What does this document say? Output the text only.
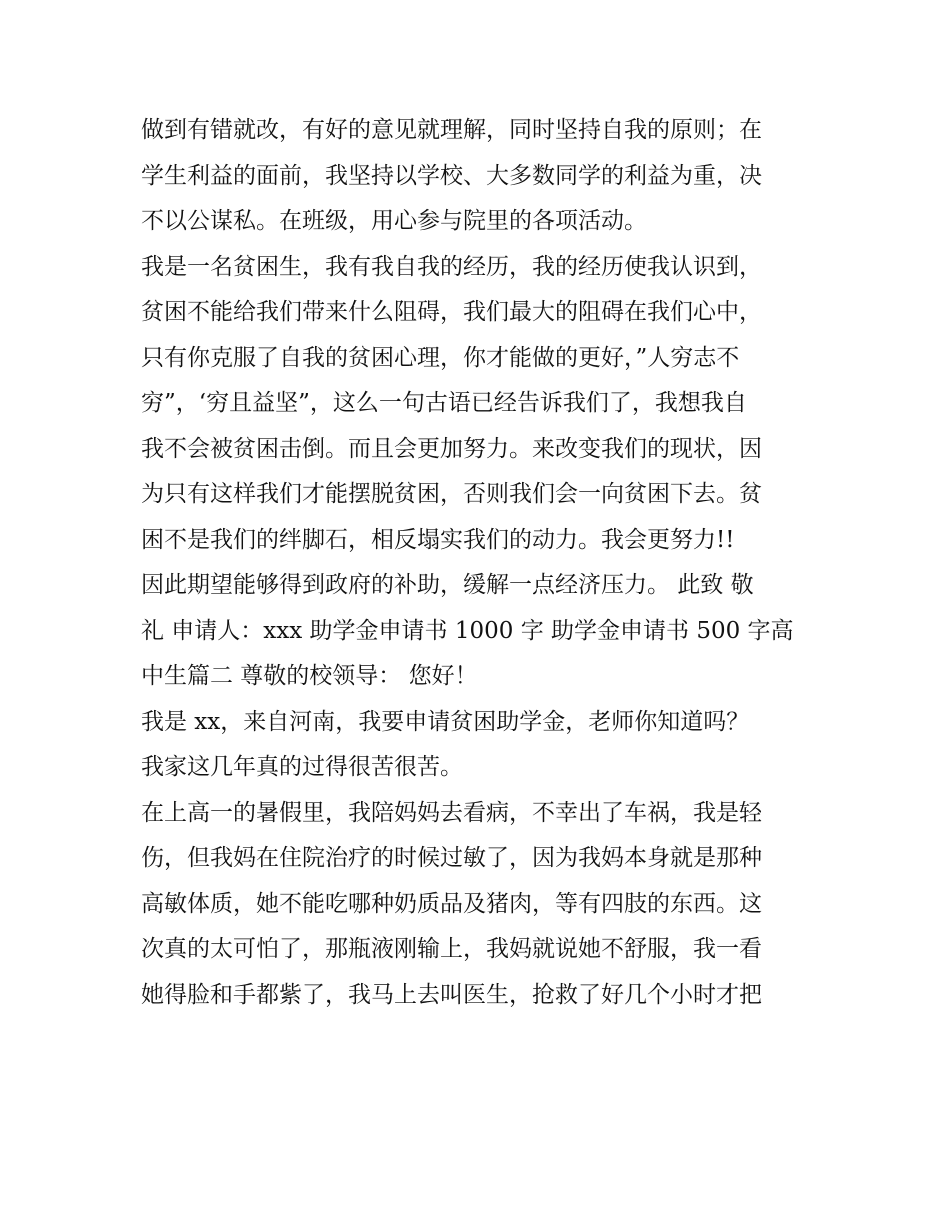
做到有错就改，有好的意见就理解，同时坚持自我的原则；在
学生利益的面前，我坚持以学校、大多数同学的利益为重，决
不以公谋私。在班级，用心参与院里的各项活动。
我是一名贫困生，我有我自我的经历，我的经历使我认识到，
贫困不能给我们带来什么阻碍，我们最大的阻碍在我们心中，
只有你克服了自我的贫困心理，你才能做的更好，”人穷志不
穷”，‘穷且益坚”，这么一句古语已经告诉我们了，我想我自
我不会被贫困击倒。而且会更加努力。来改变我们的现状，因
为只有这样我们才能摆脱贫困，否则我们会一向贫困下去。贫
困不是我们的绊脚石，相反塌实我们的动力。我会更努力!!
因此期望能够得到政府的补助，缓解一点经济压力。 此致 敬
礼 申请人：xxx 助学金申请书 1000 字 助学金申请书 500 字高
中生篇二 尊敬的校领导： 您好！
我是 xx，来自河南，我要申请贫困助学金，老师你知道吗？
我家这几年真的过得很苦很苦。
在上高一的暑假里，我陪妈妈去看病，不幸出了车祸，我是轻
伤，但我妈在住院治疗的时候过敏了，因为我妈本身就是那种
高敏体质，她不能吃哪种奶质品及猪肉，等有四肢的东西。这
次真的太可怕了，那瓶液刚输上，我妈就说她不舒服，我一看
她得脸和手都紫了，我马上去叫医生，抢救了好几个小时才把
